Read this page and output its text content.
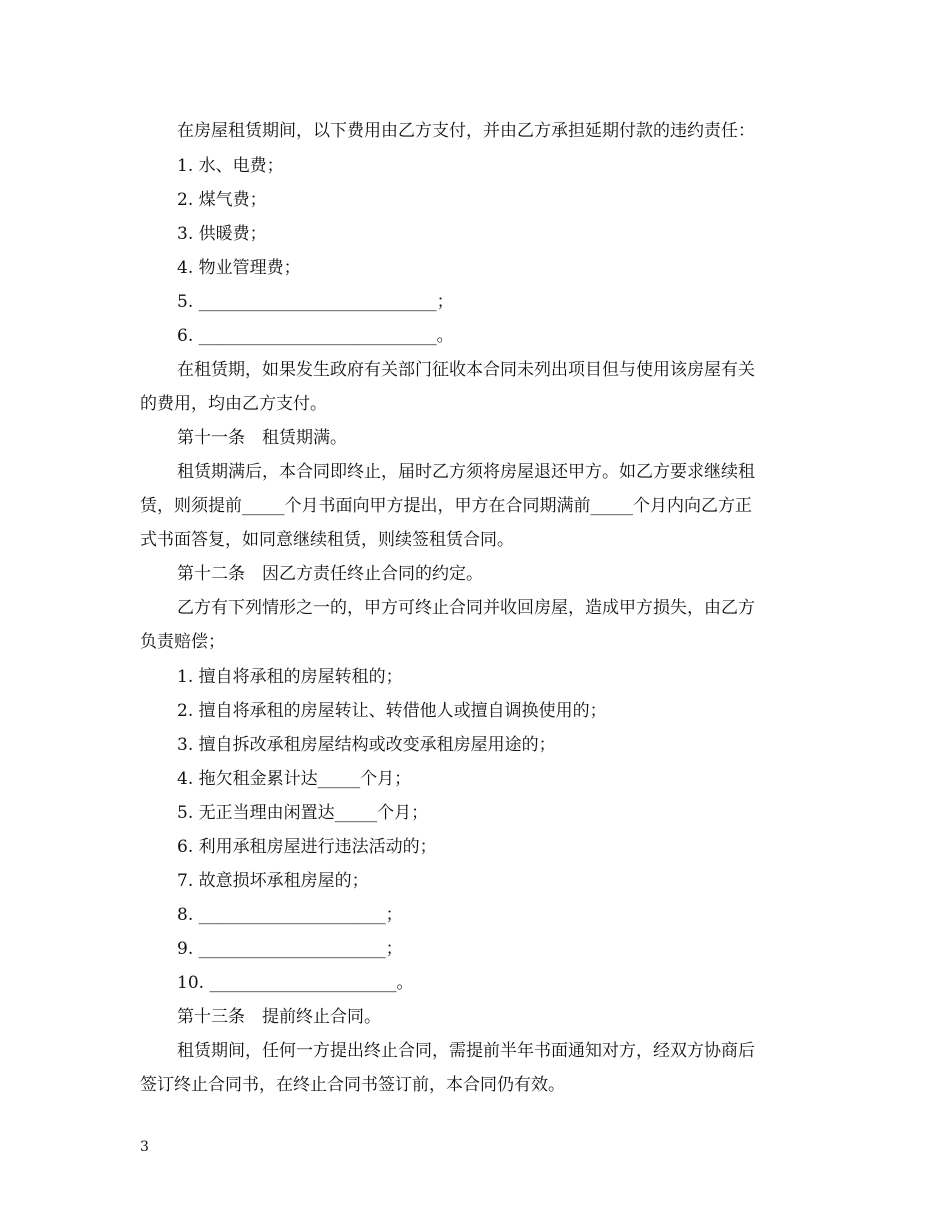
在房屋租赁期间，以下费用由乙方支付，并由乙方承担延期付款的违约责任：
1. 水、电费；
2. 煤气费；
3. 供暖费；
4. 物业管理费；
5. ____________________________；
6. ____________________________。
在租赁期，如果发生政府有关部门征收本合同未列出项目但与使用该房屋有关
的费用，均由乙方支付。
第十一条　租赁期满。
租赁期满后，本合同即终止，届时乙方须将房屋退还甲方。如乙方要求继续租
赁，则须提前_____个月书面向甲方提出，甲方在合同期满前_____个月内向乙方正
式书面答复，如同意继续租赁，则续签租赁合同。
第十二条　因乙方责任终止合同的约定。
乙方有下列情形之一的，甲方可终止合同并收回房屋，造成甲方损失，由乙方
负责赔偿；
1. 擅自将承租的房屋转租的；
2. 擅自将承租的房屋转让、转借他人或擅自调换使用的；
3. 擅自拆改承租房屋结构或改变承租房屋用途的；
4. 拖欠租金累计达_____个月；
5. 无正当理由闲置达_____个月；
6. 利用承租房屋进行违法活动的；
7. 故意损坏承租房屋的；
8. ______________________；
9. ______________________；
10. ______________________。
第十三条　提前终止合同。
租赁期间，任何一方提出终止合同，需提前半年书面通知对方，经双方协商后
签订终止合同书，在终止合同书签订前，本合同仍有效。
3
